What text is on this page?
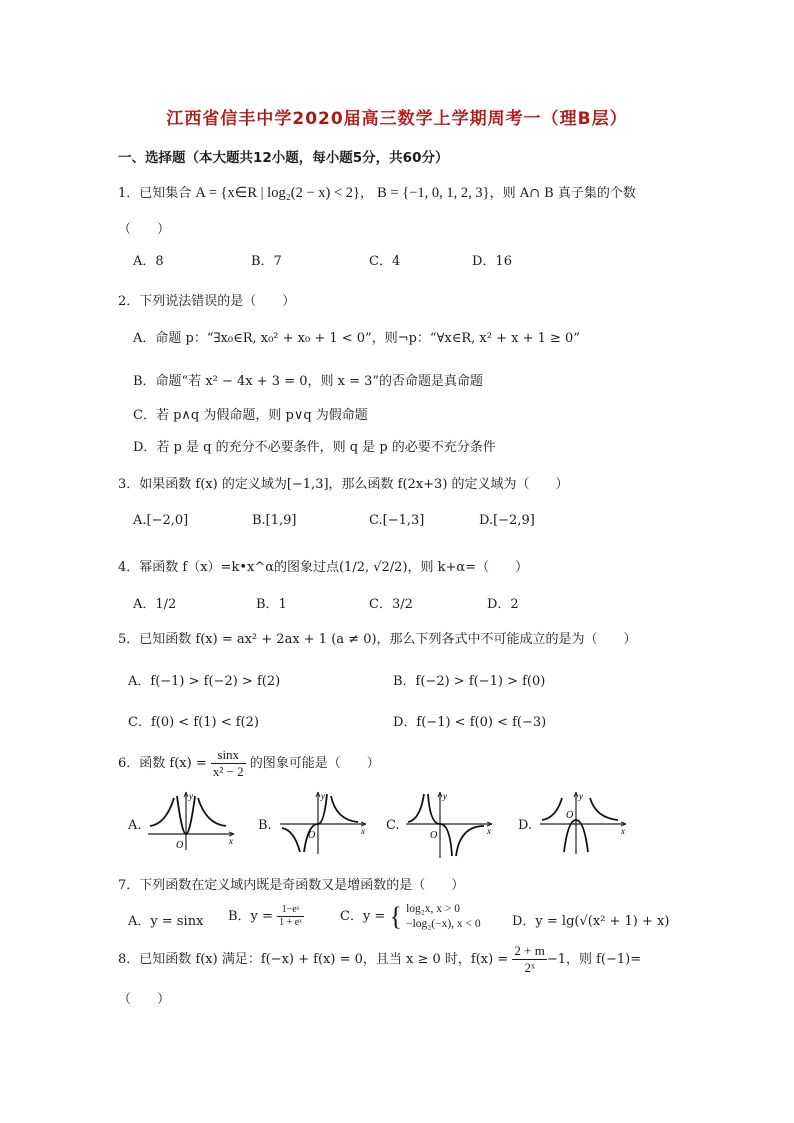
江西省信丰中学2020届高三数学上学期周考一（理B层）
一、选择题（本大题共12小题，每小题5分，共60分）
1．已知集合 A = {x∈R | log₂(2 − x) < 2}， B = {−1, 0, 1, 2, 3}，则 A∩ B 真子集的个数
（　　）
A．8	B．7	C．4	D．16
2．下列说法错误的是（　　）
A．命题 p：“∃x₀∈R, x₀² + x₀ + 1 < 0”，则¬p：“∀x∈R, x² + x + 1 ≥ 0”
B．命题“若 x² − 4x + 3 = 0，则 x = 3”的否命题是真命题
C．若 p∧q 为假命题，则 p∨q 为假命题
D．若 p 是 q 的充分不必要条件，则 q 是 p 的必要不充分条件
3．如果函数 f(x) 的定义域为[−1,3]，那么函数 f(2x+3) 的定义域为（　　）
A.[−2,0]	B.[1,9]	C.[−1,3]	D.[−2,9]
4．幂函数 f（x）=k•x^α的图象过点(1/2, √2/2)，则 k+α=（　　）
A．1/2	B．1	C．3/2	D．2
5．已知函数 f(x) = ax² + 2ax + 1 (a ≠ 0)，那么下列各式中不可能成立的是为（　　）
A．f(−1) > f(−2) > f(2)	B．f(−2) > f(−1) > f(0)
C．f(0) < f(1) < f(2)	D．f(−1) < f(0) < f(−3)
6．函数 $f(x) = \frac{\sin x}{\text{x² − 2}}$ 的图象可能是（　　）
A.	B.	C.	D.
O	x
y
O	x
y
O	x
y
O
x
y
7．下列函数在定义域内既是奇函数又是增函数的是（　　）
A．y = sinx B．$y = \frac{\text{1−eˣ}}{\text{1 + eˣ}}$	C．y = { log₂x, x > 0
−log₂(−x), x < 0 D．y = lg(√(x² + 1) + x)
8．已知函数 f(x) 满足：f(−x) + f(x) = 0，且当 x ≥ 0 时，$f(x) = \frac{2 + m}{\text{2ˣ}} -1$，则 f(−1)=
（　　）
